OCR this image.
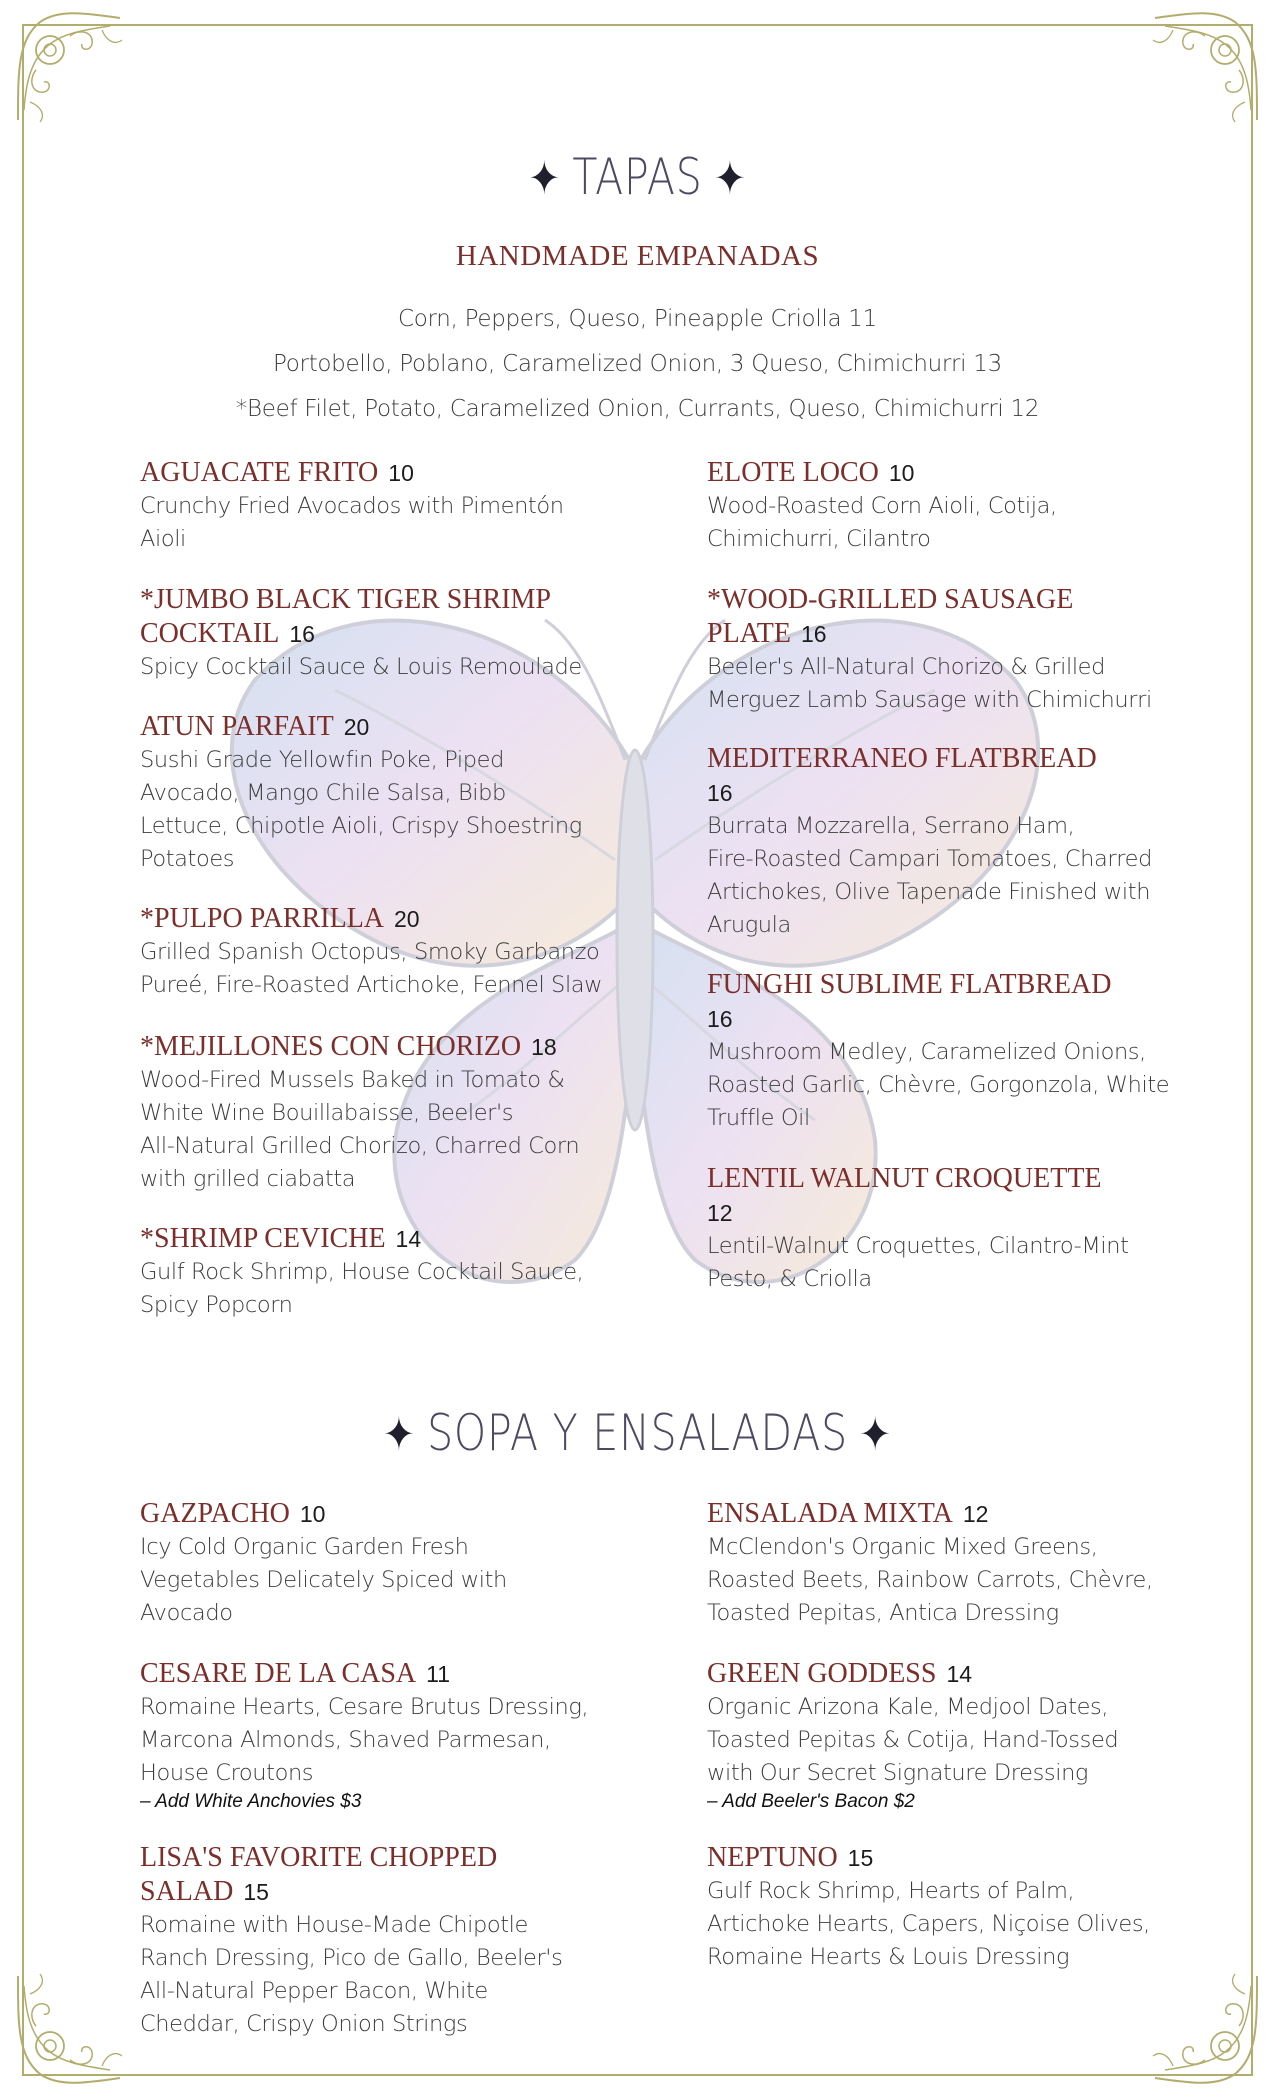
✦ TAPAS ✦
HANDMADE EMPANADAS
Corn, Peppers, Queso, Pineapple Criolla 11
Portobello, Poblano, Caramelized Onion, 3 Queso, Chimichurri 13
*Beef Filet, Potato, Caramelized Onion, Currants, Queso, Chimichurri 12
AGUACATE FRITO 10
Crunchy Fried Avocados with Pimentón
Aioli
*JUMBO BLACK TIGER SHRIMP
COCKTAIL 16
Spicy Cocktail Sauce & Louis Remoulade
ATUN PARFAIT 20
Sushi Grade Yellowfin Poke, Piped
Avocado, Mango Chile Salsa, Bibb
Lettuce, Chipotle Aioli, Crispy Shoestring
Potatoes
*PULPO PARRILLA 20
Grilled Spanish Octopus, Smoky Garbanzo
Pureé, Fire-Roasted Artichoke, Fennel Slaw
*MEJILLONES CON CHORIZO 18
Wood-Fired Mussels Baked in Tomato &
White Wine Bouillabaisse, Beeler's
All-Natural Grilled Chorizo, Charred Corn
with grilled ciabatta
*SHRIMP CEVICHE 14
Gulf Rock Shrimp, House Cocktail Sauce,
Spicy Popcorn
ELOTE LOCO 10
Wood-Roasted Corn Aioli, Cotija,
Chimichurri, Cilantro
*WOOD-GRILLED SAUSAGE
PLATE 16
Beeler's All-Natural Chorizo & Grilled
Merguez Lamb Sausage with Chimichurri
MEDITERRANEO FLATBREAD
16
Burrata Mozzarella, Serrano Ham,
Fire-Roasted Campari Tomatoes, Charred
Artichokes, Olive Tapenade Finished with
Arugula
FUNGHI SUBLIME FLATBREAD
16
Mushroom Medley, Caramelized Onions,
Roasted Garlic, Chèvre, Gorgonzola, White
Truffle Oil
LENTIL WALNUT CROQUETTE
12
Lentil-Walnut Croquettes, Cilantro-Mint
Pesto, & Criolla
✦ SOPA Y ENSALADAS ✦
GAZPACHO 10
Icy Cold Organic Garden Fresh
Vegetables Delicately Spiced with
Avocado
CESARE DE LA CASA 11
Romaine Hearts, Cesare Brutus Dressing,
Marcona Almonds, Shaved Parmesan,
House Croutons
– Add White Anchovies $3
LISA'S FAVORITE CHOPPED
SALAD 15
Romaine with House-Made Chipotle
Ranch Dressing, Pico de Gallo, Beeler's
All-Natural Pepper Bacon, White
Cheddar, Crispy Onion Strings
ENSALADA MIXTA 12
McClendon's Organic Mixed Greens,
Roasted Beets, Rainbow Carrots, Chèvre,
Toasted Pepitas, Antica Dressing
GREEN GODDESS 14
Organic Arizona Kale, Medjool Dates,
Toasted Pepitas & Cotija, Hand-Tossed
with Our Secret Signature Dressing
– Add Beeler's Bacon $2
NEPTUNO 15
Gulf Rock Shrimp, Hearts of Palm,
Artichoke Hearts, Capers, Niçoise Olives,
Romaine Hearts & Louis Dressing
